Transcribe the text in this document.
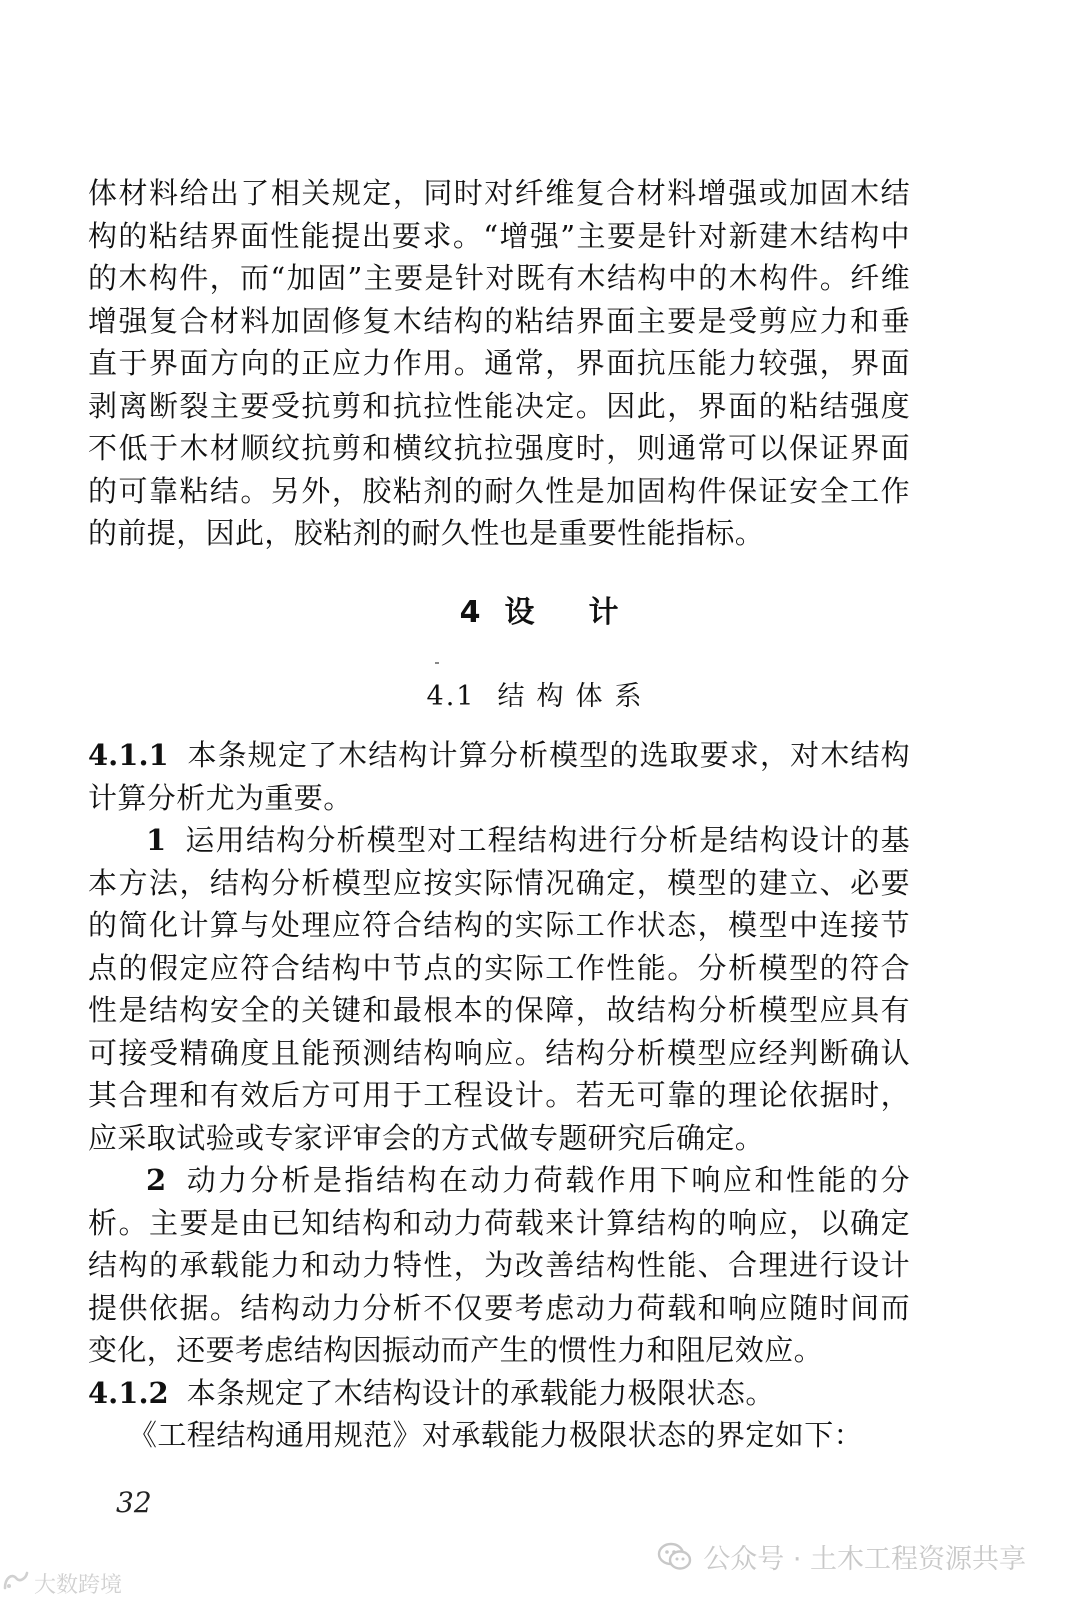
体材料给出了相关规定，同时对纤维复合材料增强或加固木结构的粘结界面性能提出要求。“增强”主要是针对新建木结构中的木构件，而“加固”主要是针对既有木结构中的木构件。纤维增强复合材料加固修复木结构的粘结界面主要是受剪应力和垂直于界面方向的正应力作用。通常，界面抗压能力较强，界面剥离断裂主要受抗剪和抗拉性能决定。因此，界面的粘结强度不低于木材顺纹抗剪和横纹抗拉强度时，则通常可以保证界面的可靠粘结。另外，胶粘剂的耐久性是加固构件保证安全工作的前提，因此，胶粘剂的耐久性也是重要性能指标。

4 设 计
4.1 结构体系

4.1.1 本条规定了木结构计算分析模型的选取要求，对木结构计算分析尤为重要。

1 运用结构分析模型对工程结构进行分析是结构设计的基本方法，结构分析模型应按实际情况确定，模型的建立、必要的简化计算与处理应符合结构的实际工作状态，模型中连接节点的假定应符合结构中节点的实际工作性能。分析模型的符合性是结构安全的关键和最根本的保障，故结构分析模型应具有可接受精确度且能预测结构响应。结构分析模型应经判断确认其合理和有效后方可用于工程设计。若无可靠的理论依据时，应采取试验或专家评审会的方式做专题研究后确定。

2 动力分析是指结构在动力荷载作用下响应和性能的分析。主要是由已知结构和动力荷载来计算结构的响应，以确定结构的承载能力和动力特性，为改善结构性能、合理进行设计提供依据。结构动力分析不仅要考虑动力荷载和响应随时间而变化，还要考虑结构因振动而产生的惯性力和阻尼效应。

4.1.2 本条规定了木结构设计的承载能力极限状态。

《工程结构通用规范》对承载能力极限状态的界定如下：

32
公众号 · 土木工程资源共享
大数跨境
